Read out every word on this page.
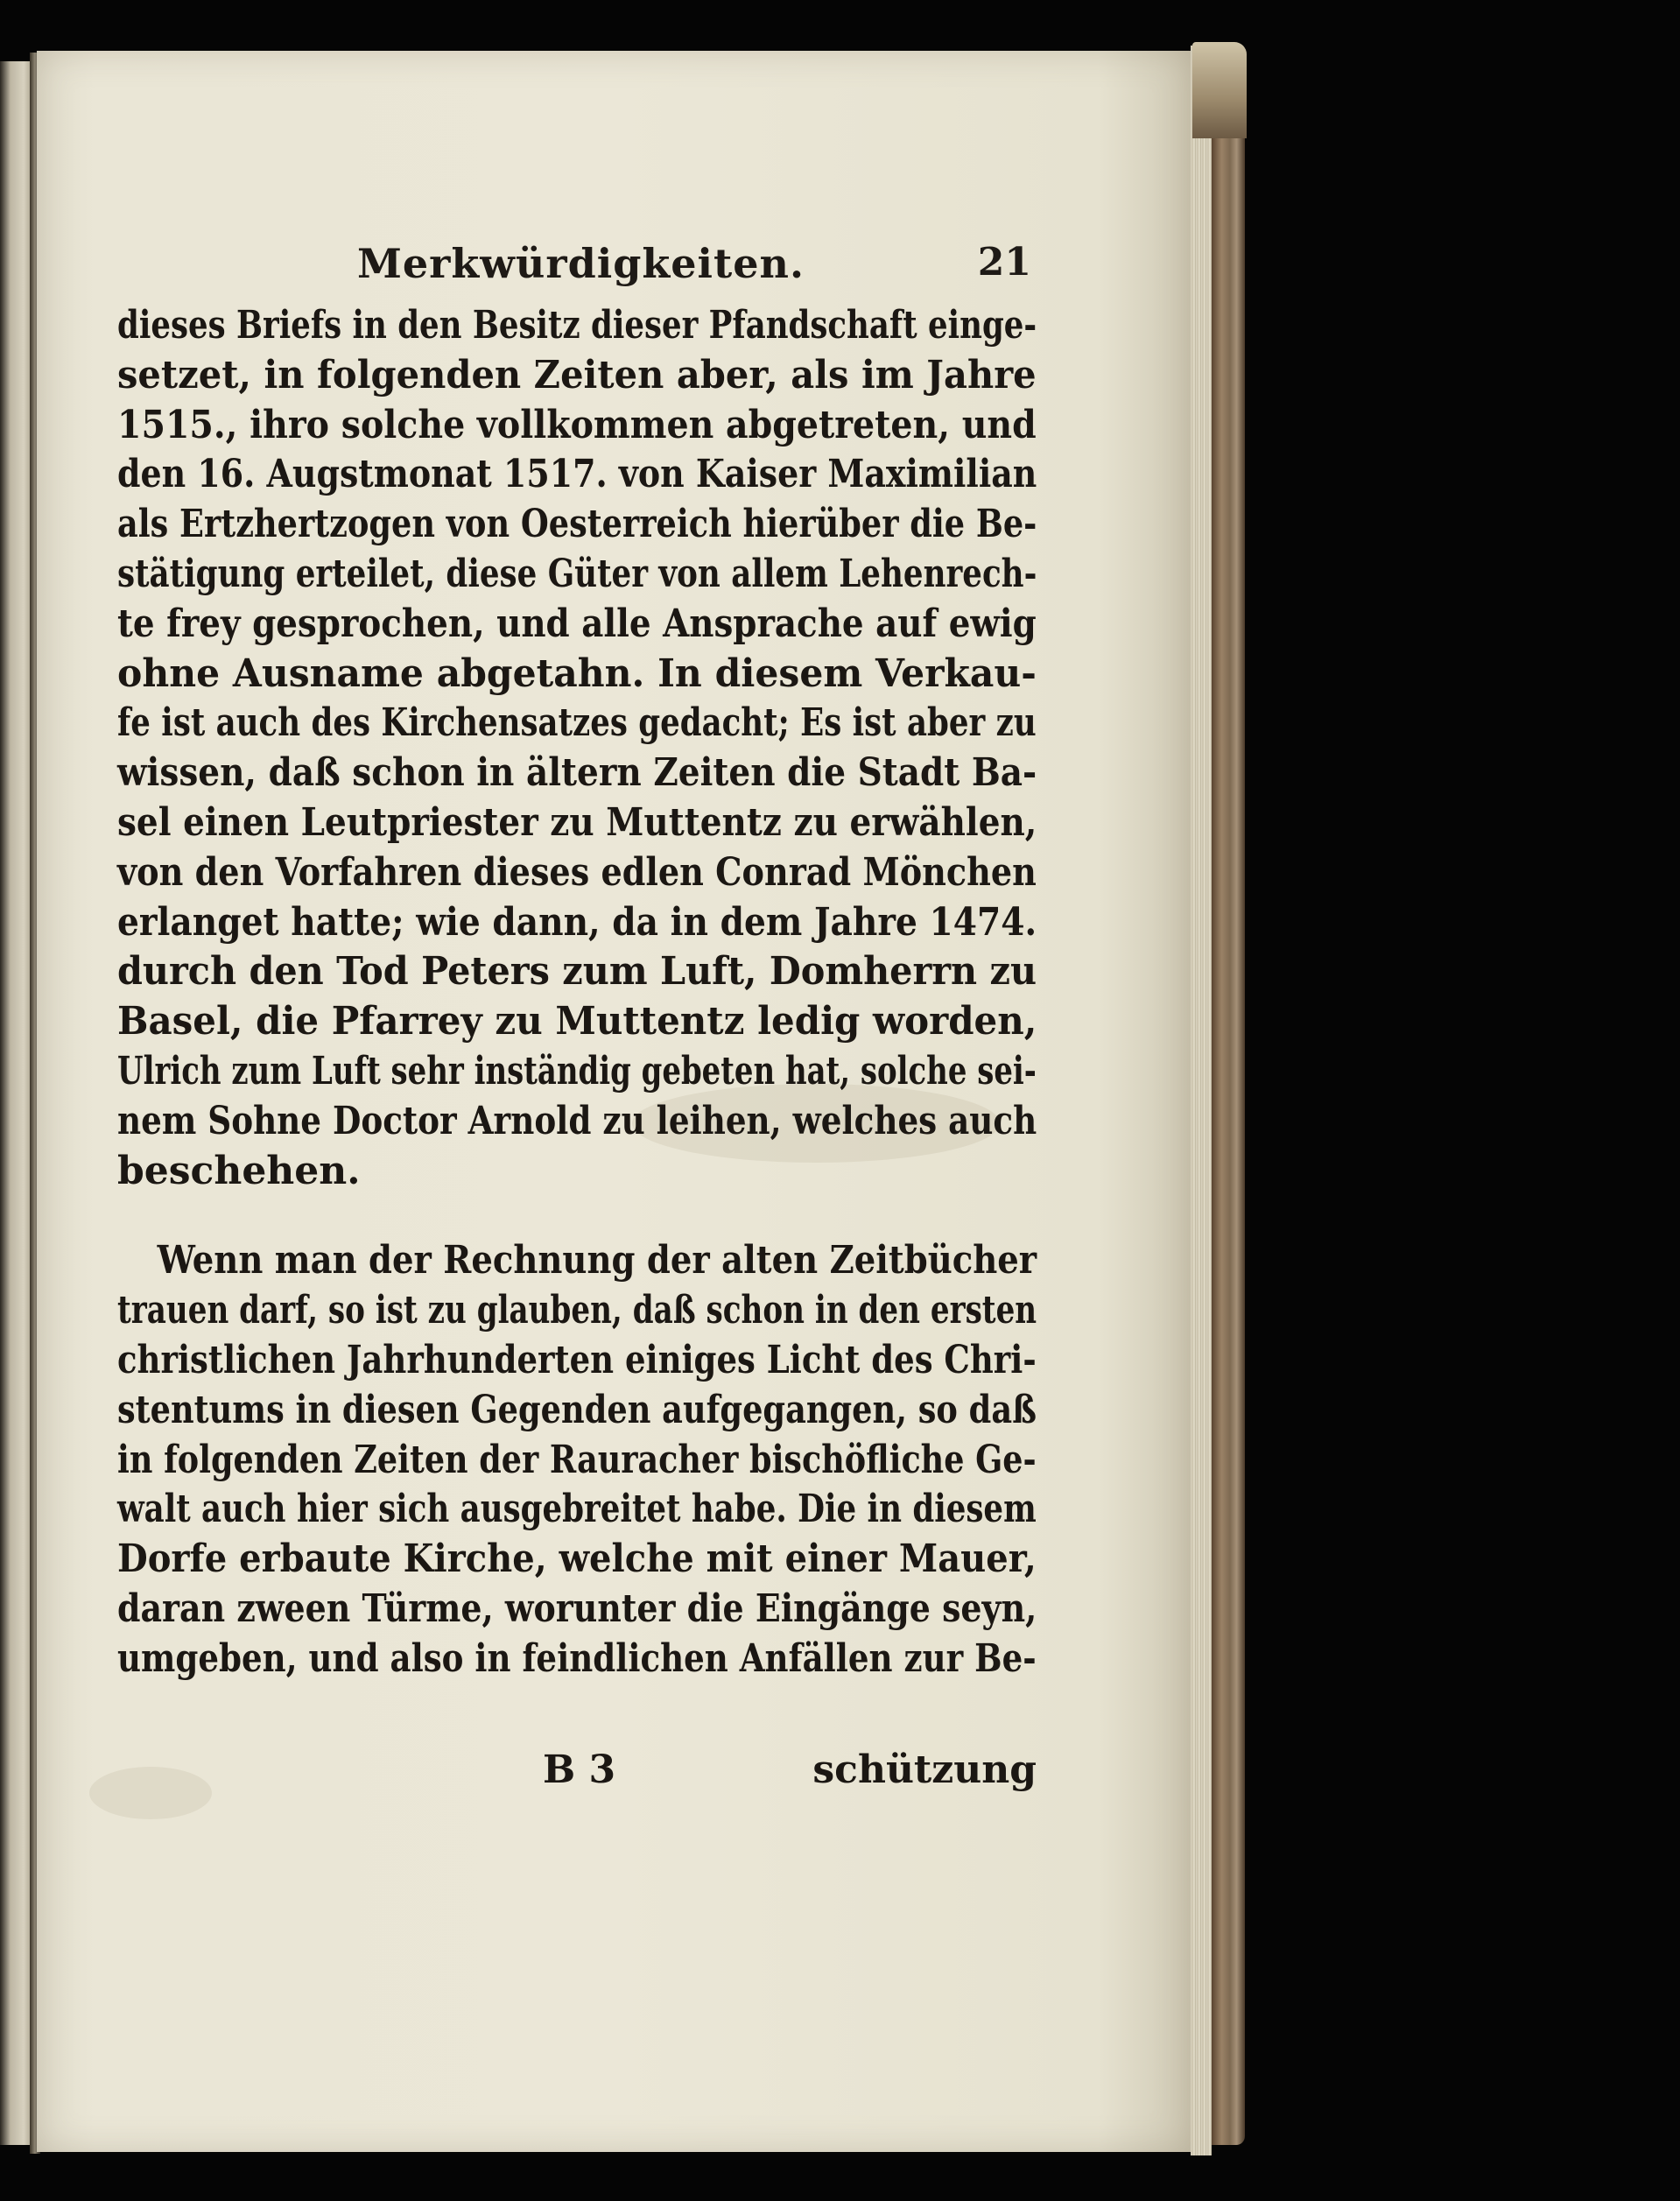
Merkwürdigkeiten.	21
dieses Briefs in den Besitz dieser Pfandschaft einge-
setzet, in folgenden Zeiten aber, als im Jahre
1515., ihro solche vollkommen abgetreten, und
den 16. Augstmonat 1517. von Kaiser Maximilian
als Ertzhertzogen von Oesterreich hierüber die Be-
stätigung erteilet, diese Güter von allem Lehenrech-
te frey gesprochen, und alle Ansprache auf ewig
ohne Ausname abgetahn. In diesem Verkau-
fe ist auch des Kirchensatzes gedacht; Es ist aber zu
wissen, daß schon in ältern Zeiten die Stadt Ba-
sel einen Leutpriester zu Muttentz zu erwählen,
von den Vorfahren dieses edlen Conrad Mönchen
erlanget hatte; wie dann, da in dem Jahre 1474.
durch den Tod Peters zum Luft, Domherrn zu
Basel, die Pfarrey zu Muttentz ledig worden,
Ulrich zum Luft sehr inständig gebeten hat, solche sei-
nem Sohne Doctor Arnold zu leihen, welches auch
beschehen.
Wenn man der Rechnung der alten Zeitbücher
trauen darf, so ist zu glauben, daß schon in den ersten
christlichen Jahrhunderten einiges Licht des Chri-
stentums in diesen Gegenden aufgegangen, so daß
in folgenden Zeiten der Rauracher bischöfliche Ge-
walt auch hier sich ausgebreitet habe. Die in diesem
Dorfe erbaute Kirche, welche mit einer Mauer,
daran zween Türme, worunter die Eingänge seyn,
umgeben, und also in feindlichen Anfällen zur Be-
B 3	schützung
